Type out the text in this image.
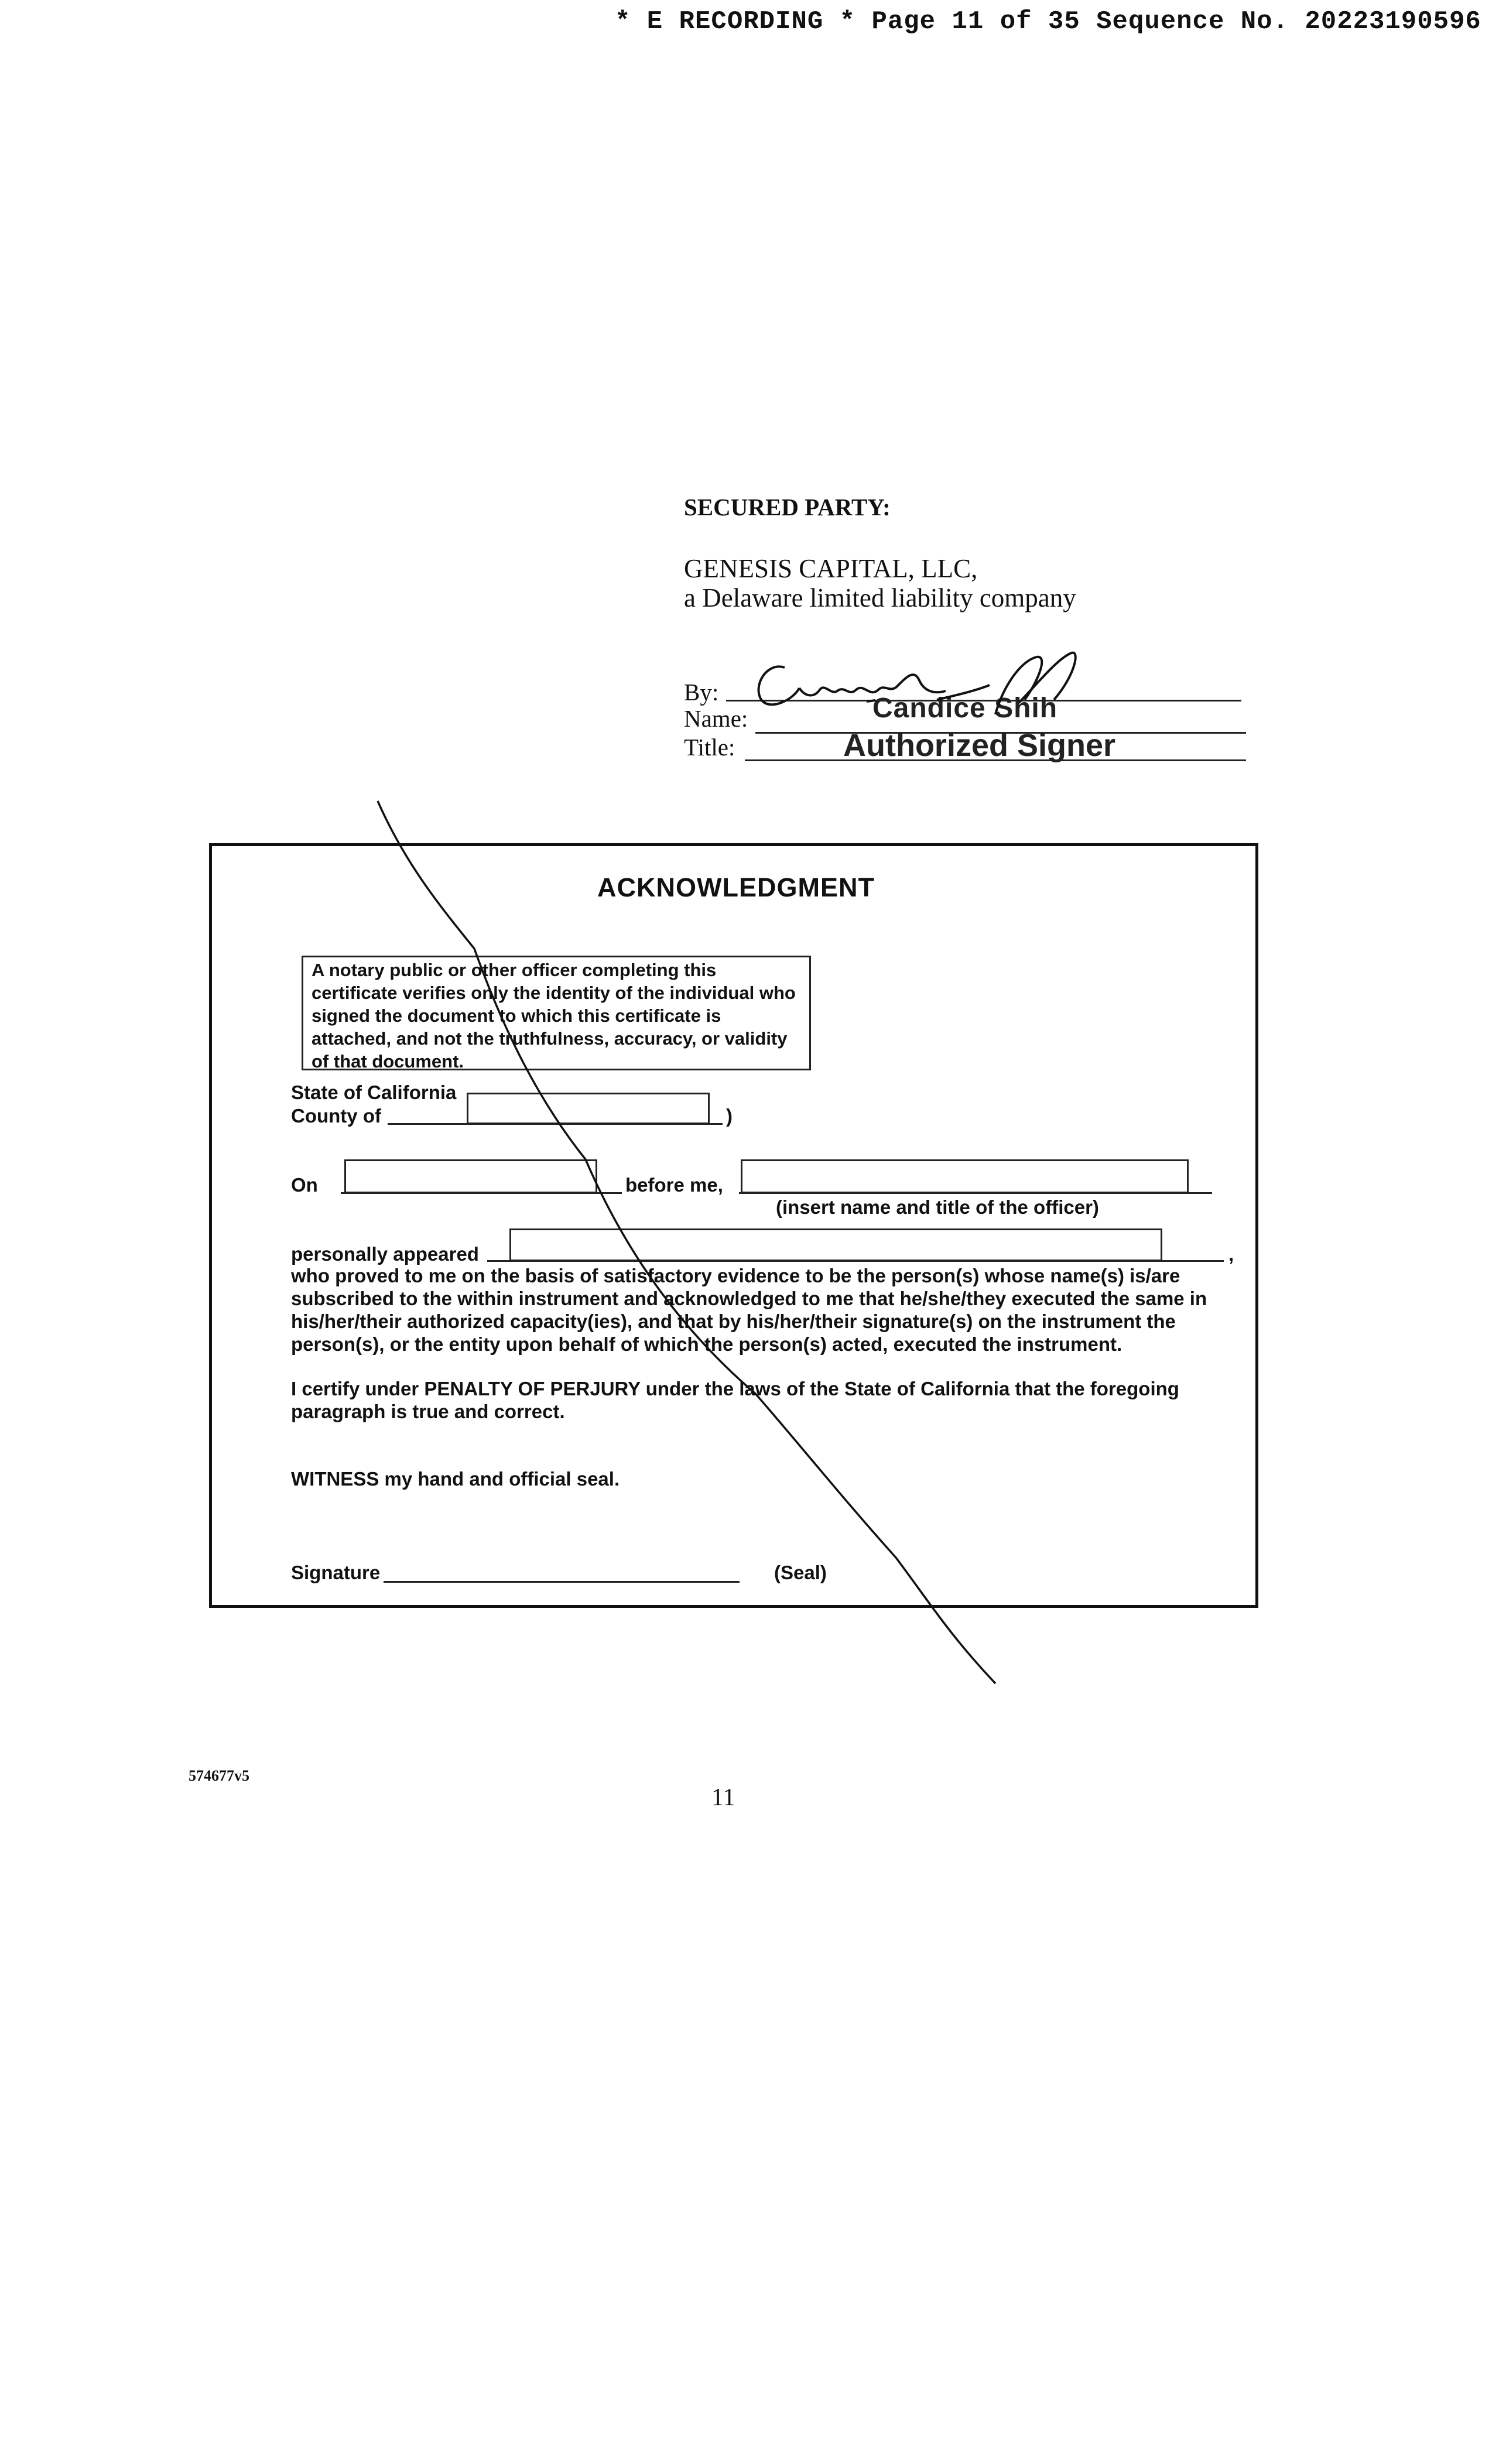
* E RECORDING * Page 11 of 35 Sequence No. 20223190596
SECURED PARTY:
GENESIS CAPITAL, LLC,
a Delaware limited liability company
By:
Name:	Candice Shih
Title:	Authorized Signer
ACKNOWLEDGMENT
A notary public or other officer completing this certificate verifies only the identity of the individual who signed the document to which this certificate is attached, and not the truthfulness, accuracy, or validity of that document.
State of California
County of	)
On	before me,
(insert name and title of the officer)
personally appeared	,
who proved to me on the basis of satisfactory evidence to be the person(s) whose name(s) is/are
subscribed to the within instrument and acknowledged to me that he/she/they executed the same in
his/her/their authorized capacity(ies), and that by his/her/their signature(s) on the instrument the
person(s), or the entity upon behalf of which the person(s) acted, executed the instrument.
I certify under PENALTY OF PERJURY under the laws of the State of California that the foregoing
paragraph is true and correct.
WITNESS my hand and official seal.
Signature	(Seal)
574677v5
11
